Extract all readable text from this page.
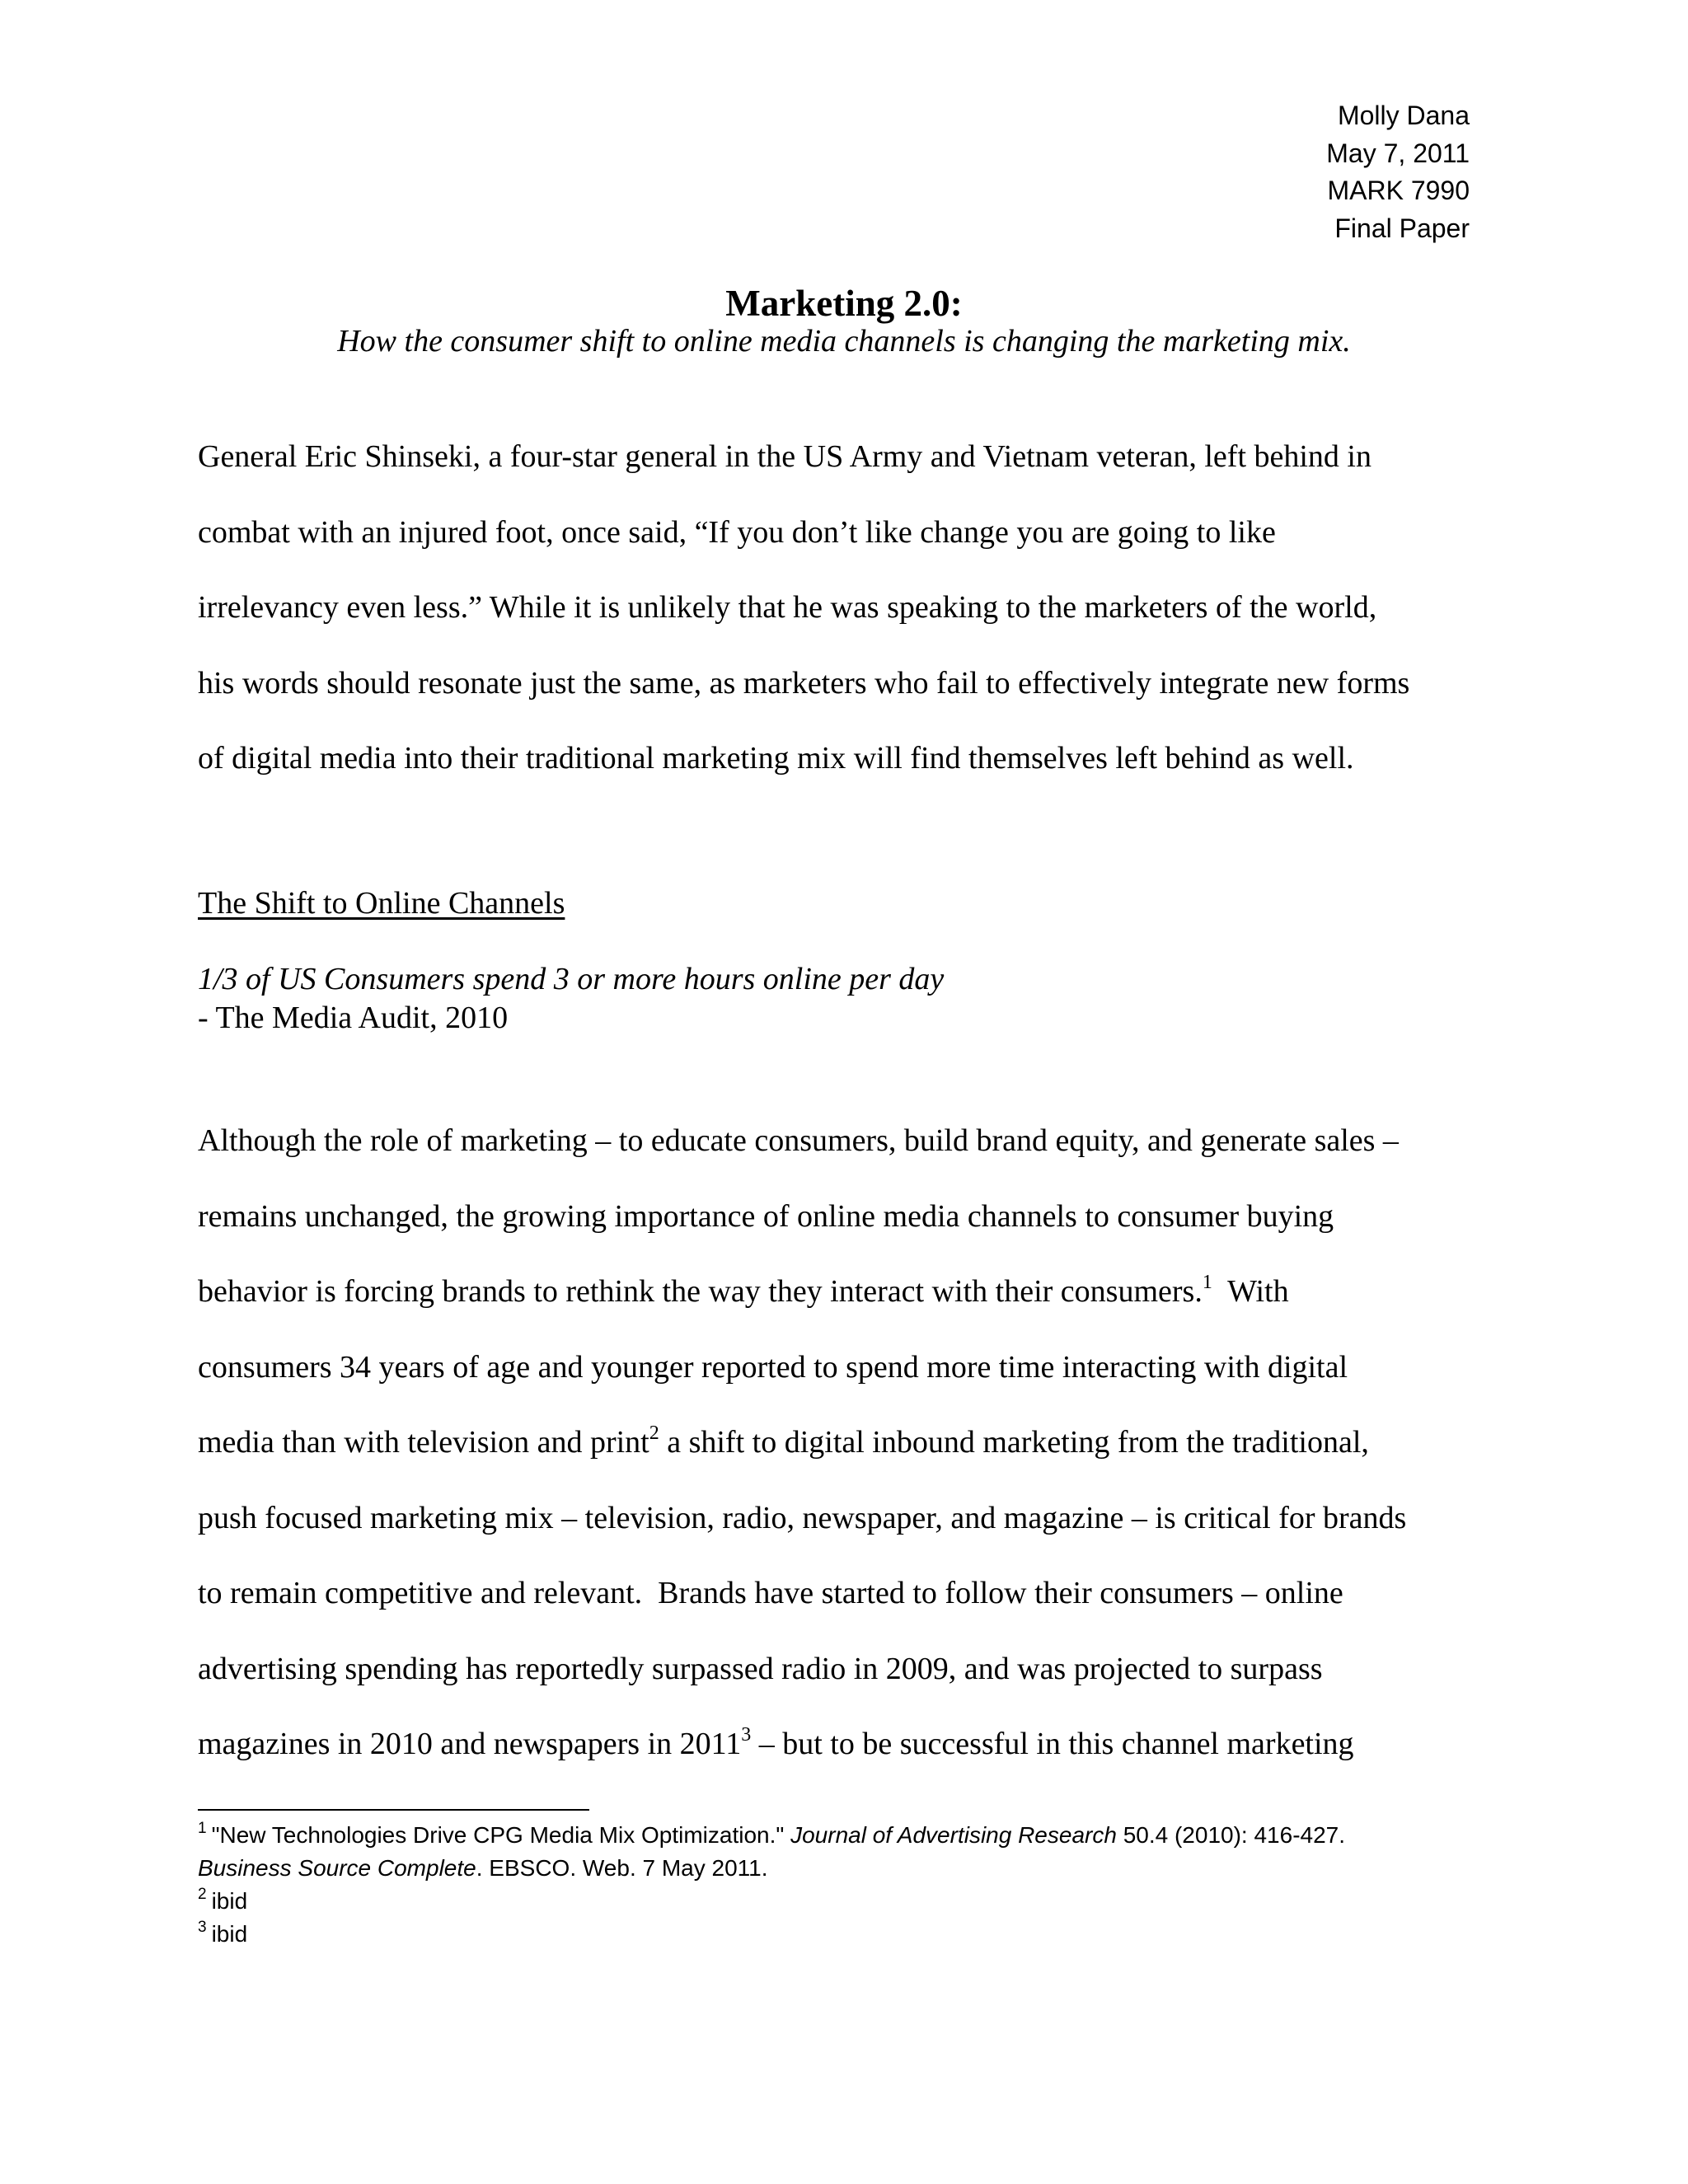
Molly Dana
May 7, 2011
MARK 7990
Final Paper
Marketing 2.0:
How the consumer shift to online media channels is changing the marketing mix.

General Eric Shinseki, a four-star general in the US Army and Vietnam veteran, left behind in
combat with an injured foot, once said, “If you don’t like change you are going to like
irrelevancy even less.” While it is unlikely that he was speaking to the marketers of the world,
his words should resonate just the same, as marketers who fail to effectively integrate new forms
of digital media into their traditional marketing mix will find themselves left behind as well.

The Shift to Online Channels
1/3 of US Consumers spend 3 or more hours online per day
- The Media Audit, 2010

Although the role of marketing – to educate consumers, build brand equity, and generate sales –
remains unchanged, the growing importance of online media channels to consumer buying
behavior is forcing brands to rethink the way they interact with their consumers.$^1$  With
consumers 34 years of age and younger reported to spend more time interacting with digital
media than with television and print$^2$ a shift to digital inbound marketing from the traditional,
push focused marketing mix – television, radio, newspaper, and magazine – is critical for brands
to remain competitive and relevant.  Brands have started to follow their consumers – online
advertising spending has reportedly surpassed radio in 2009, and was projected to surpass
magazines in 2010 and newspapers in 2011$^3$ – but to be successful in this channel marketing

$^1$ "New Technologies Drive CPG Media Mix Optimization." Journal of Advertising Research 50.4 (2010): 416-427.
Business Source Complete. EBSCO. Web. 7 May 2011.
$^2$ ibid
$^3$ ibid
